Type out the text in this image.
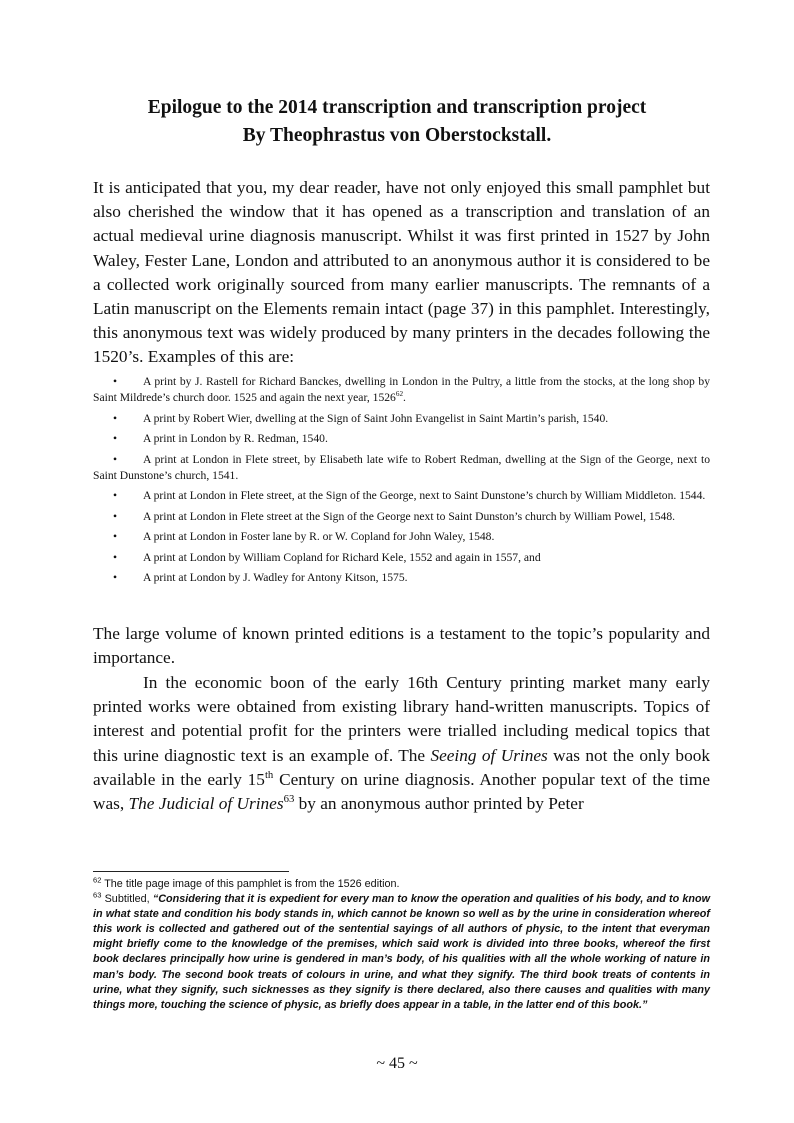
Epilogue to the 2014 transcription and transcription project
By Theophrastus von Oberstockstall.

It is anticipated that you, my dear reader, have not only enjoyed this small pamphlet but also cherished the window that it has opened as a transcription and translation of an actual medieval urine diagnosis manuscript. Whilst it was first printed in 1527 by John Waley, Fester Lane, London and attributed to an anonymous author it is considered to be a collected work originally sourced from many earlier manuscripts. The remnants of a Latin manuscript on the Elements remain intact (page 37) in this pamphlet. Interestingly, this anonymous text was widely produced by many printers in the decades following the 1520’s. Examples of this are:

• A print by J. Rastell for Richard Banckes, dwelling in London in the Pultry, a little from the stocks, at the long shop by Saint Mildrede’s church door. 1525 and again the next year, 1526$^{62}$.
• A print by Robert Wier, dwelling at the Sign of Saint John Evangelist in Saint Martin’s parish, 1540.
• A print in London by R. Redman, 1540.
• A print at London in Flete street, by Elisabeth late wife to Robert Redman, dwelling at the Sign of the George, next to Saint Dunstone’s church, 1541.
• A print at London in Flete street, at the Sign of the George, next to Saint Dunstone’s church by William Middleton. 1544.
• A print at London in Flete street at the Sign of the George next to Saint Dunston’s church by William Powel, 1548.
• A print at London in Foster lane by R. or W. Copland for John Waley, 1548.
• A print at London by William Copland for Richard Kele, 1552 and again in 1557, and
• A print at London by J. Wadley for Antony Kitson, 1575.

The large volume of known printed editions is a testament to the topic’s popularity and importance.

In the economic boon of the early 16th Century printing market many early printed works were obtained from existing library hand-written manuscripts. Topics of interest and potential profit for the printers were trialled including medical topics that this urine diagnostic text is an example of. The Seeing of Urines was not the only book available in the early 15th Century on urine diagnosis. Another popular text of the time was, The Judicial of Urines$^{63}$ by an anonymous author printed by Peter

$^{62}$ The title page image of this pamphlet is from the 1526 edition.

$^{63}$ Subtitled, “Considering that it is expedient for every man to know the operation and qualities of his body, and to know in what state and condition his body stands in, which cannot be known so well as by the urine in consideration whereof this work is collected and gathered out of the sentential sayings of all authors of physic, to the intent that everyman might briefly come to the knowledge of the premises, which said work is divided into three books, whereof the first book declares principally how urine is gendered in man’s body, of his qualities with all the whole working of nature in man’s body. The second book treats of colours in urine, and what they signify. The third book treats of contents in urine, what they signify, such sicknesses as they signify is there declared, also there causes and qualities with many things more, touching the science of physic, as briefly does appear in a table, in the latter end of this book.”

~ 45 ~
